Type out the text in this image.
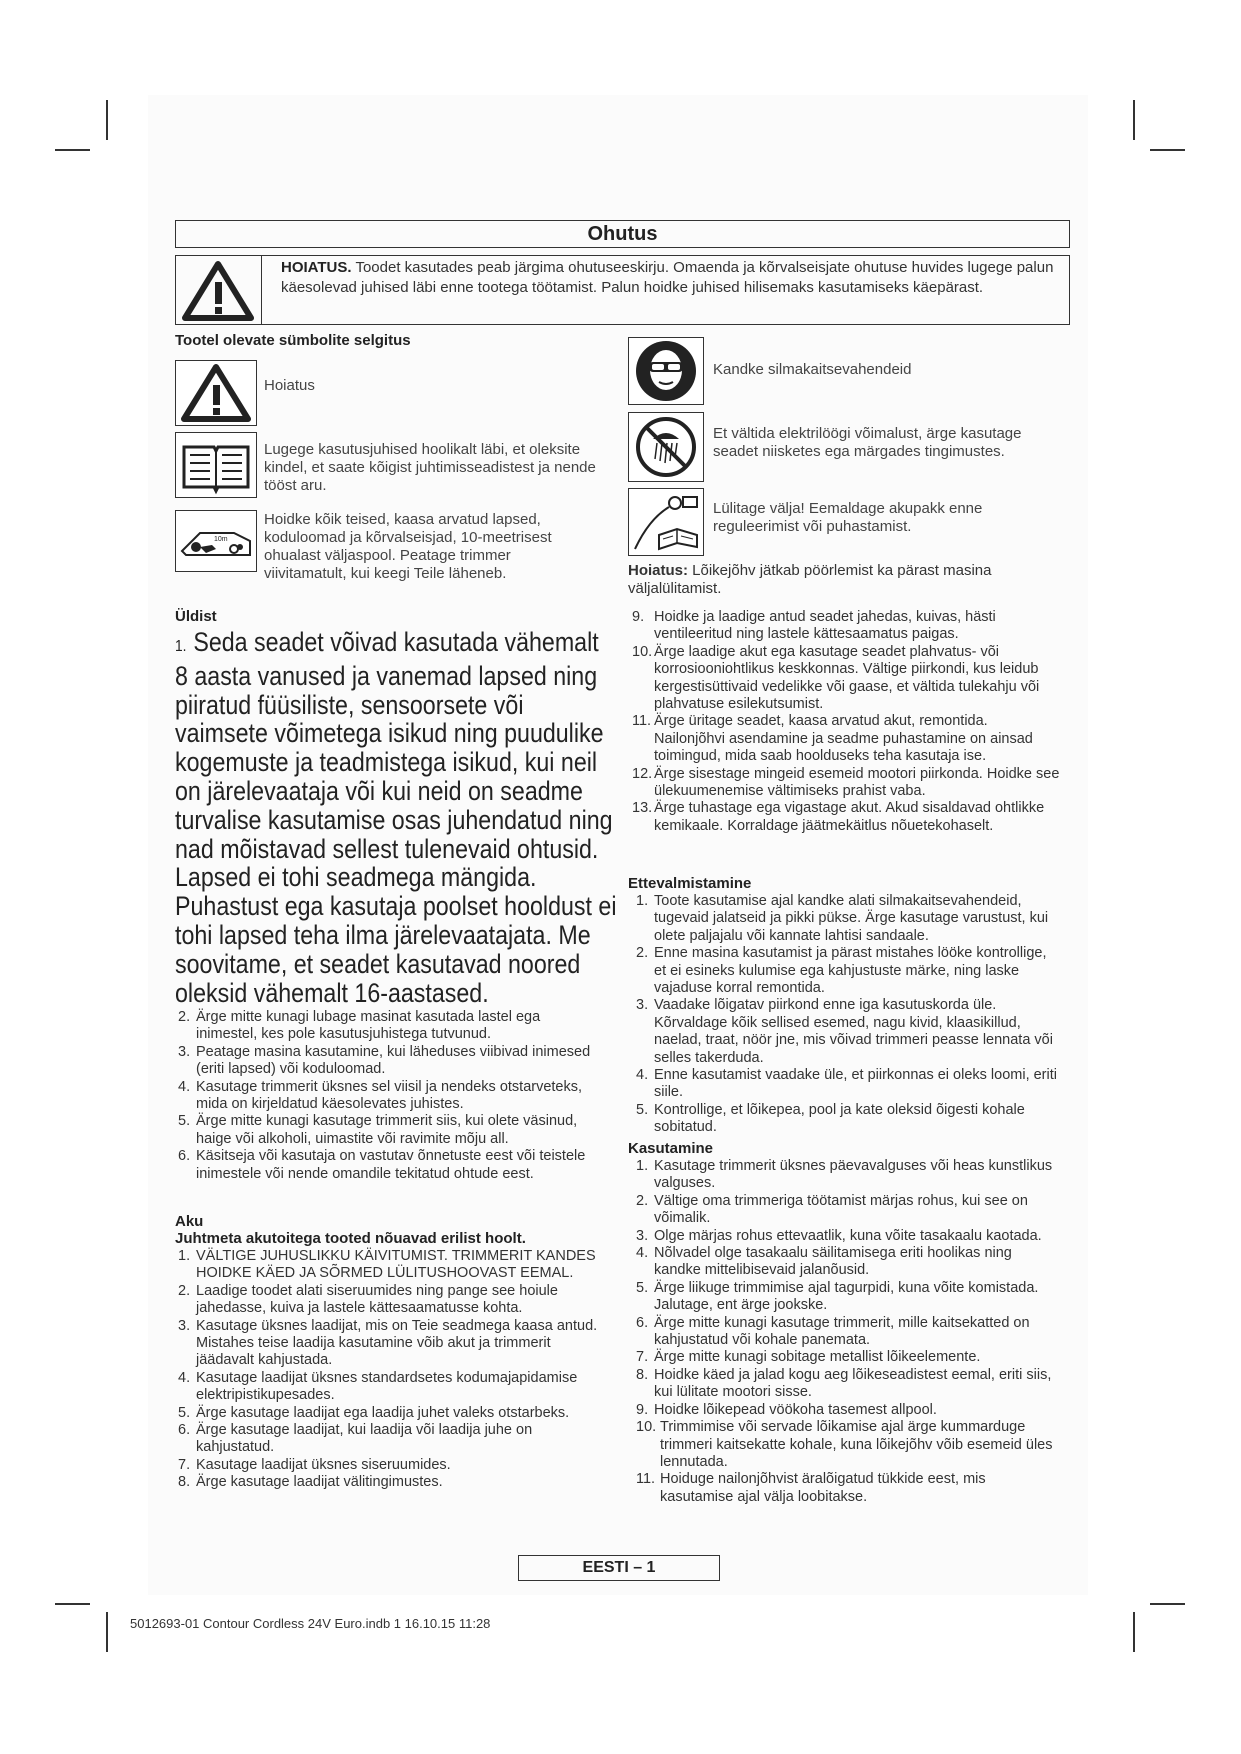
Ohutus
HOIATUS. Toodet kasutades peab järgima ohutuseeskirju. Omaenda ja kõrvalseisjate ohutuse huvides lugege palun käesolevad juhised läbi enne tootega töötamist. Palun hoidke juhised hilisemaks kasutamiseks käepärast.
Tootel olevate sümbolite selgitus
Hoiatus
Lugege kasutusjuhised hoolikalt läbi, et oleksite kindel, et saate kõigist juhtimisseadistest ja nende tööst aru.
10m
Hoidke kõik teised, kaasa arvatud lapsed, koduloomad ja kõrvalseisjad, 10-meetrisest ohualast väljaspool. Peatage trimmer viivitamatult, kui keegi Teile läheneb.
Kandke silmakaitsevahendeid
Et vältida elektrilöögi võimalust, ärge kasutage seadet niisketes ega märgades tingimustes.
Lülitage välja! Eemaldage akupakk enne reguleerimist või puhastamist.
Hoiatus: Lõikejõhv jätkab pöörlemist ka pärast masina väljalülitamist.
Üldist
1. Seda seadet võivad kasutada vähemalt 8 aasta vanused ja vanemad lapsed ning piiratud füüsiliste, sensoorsete või vaimsete võimetega isikud ning puudulike kogemuste ja teadmistega isikud, kui neil on järelevaataja või kui neid on seadme turvalise kasutamise osas juhendatud ning nad mõistavad sellest tulenevaid ohtusid. Lapsed ei tohi seadmega mängida. Puhastust ega kasutaja poolset hooldust ei tohi lapsed teha ilma järelevaatajata. Me soovitame, et seadet kasutavad noored oleksid vähemalt 16-aastased.
2. Ärge mitte kunagi lubage masinat kasutada lastel ega inimestel, kes pole kasutusjuhistega tutvunud.
3. Peatage masina kasutamine, kui läheduses viibivad inimesed (eriti lapsed) või koduloomad.
4. Kasutage trimmerit üksnes sel viisil ja nendeks otstarveteks, mida on kirjeldatud käesolevates juhistes.
5. Ärge mitte kunagi kasutage trimmerit siis, kui olete väsinud, haige või alkoholi, uimastite või ravimite mõju all.
6. Käsitseja või kasutaja on vastutav õnnetuste eest või teistele inimestele või nende omandile tekitatud ohtude eest.
Aku
Juhtmeta akutoitega tooted nõuavad erilist hoolt.
1. VÄLTIGE JUHUSLIKKU KÄIVITUMIST. TRIMMERIT KANDES HOIDKE KÄED JA SÕRMED LÜLITUSHOOVAST EEMAL.
2. Laadige toodet alati siseruumides ning pange see hoiule jahedasse, kuiva ja lastele kättesaamatusse kohta.
3. Kasutage üksnes laadijat, mis on Teie seadmega kaasa antud. Mistahes teise laadija kasutamine võib akut ja trimmerit jäädavalt kahjustada.
4. Kasutage laadijat üksnes standardsetes kodumajapidamise elektripistikupesades.
5. Ärge kasutage laadijat ega laadija juhet valeks otstarbeks.
6. Ärge kasutage laadijat, kui laadija või laadija juhe on kahjustatud.
7. Kasutage laadijat üksnes siseruumides.
8. Ärge kasutage laadijat välitingimustes.
9. Hoidke ja laadige antud seadet jahedas, kuivas, hästi ventileeritud ning lastele kättesaamatus paigas.
10. Ärge laadige akut ega kasutage seadet plahvatus- või korrosiooniohtlikus keskkonnas. Vältige piirkondi, kus leidub kergestisüttivaid vedelikke või gaase, et vältida tulekahju või plahvatuse esilekutsumist.
11. Ärge üritage seadet, kaasa arvatud akut, remontida. Nailonjõhvi asendamine ja seadme puhastamine on ainsad toimingud, mida saab hoolduseks teha kasutaja ise.
12. Ärge sisestage mingeid esemeid mootori piirkonda. Hoidke see ülekuumenemise vältimiseks prahist vaba.
13. Ärge tuhastage ega vigastage akut. Akud sisaldavad ohtlikke kemikaale. Korraldage jäätmekäitlus nõuetekohaselt.
Ettevalmistamine
1. Toote kasutamise ajal kandke alati silmakaitsevahendeid, tugevaid jalatseid ja pikki pükse. Ärge kasutage varustust, kui olete paljajalu või kannate lahtisi sandaale.
2. Enne masina kasutamist ja pärast mistahes lööke kontrollige, et ei esineks kulumise ega kahjustuste märke, ning laske vajaduse korral remontida.
3. Vaadake lõigatav piirkond enne iga kasutuskorda üle. Kõrvaldage kõik sellised esemed, nagu kivid, klaasikillud, naelad, traat, nöör jne, mis võivad trimmeri peasse lennata või selles takerduda.
4. Enne kasutamist vaadake üle, et piirkonnas ei oleks loomi, eriti siile.
5. Kontrollige, et lõikepea, pool ja kate oleksid õigesti kohale sobitatud.
Kasutamine
1. Kasutage trimmerit üksnes päevavalguses või heas kunstlikus valguses.
2. Vältige oma trimmeriga töötamist märjas rohus, kui see on võimalik.
3. Olge märjas rohus ettevaatlik, kuna võite tasakaalu kaotada.
4. Nõlvadel olge tasakaalu säilitamisega eriti hoolikas ning kandke mittelibisevaid jalanõusid.
5. Ärge liikuge trimmimise ajal tagurpidi, kuna võite komistada. Jalutage, ent ärge jookske.
6. Ärge mitte kunagi kasutage trimmerit, mille kaitsekatted on kahjustatud või kohale panemata.
7. Ärge mitte kunagi sobitage metallist lõikeelemente.
8. Hoidke käed ja jalad kogu aeg lõikeseadistest eemal, eriti siis, kui lülitate mootori sisse.
9. Hoidke lõikepead vöökoha tasemest allpool.
10. Trimmimise või servade lõikamise ajal ärge kummarduge trimmeri kaitsekatte kohale, kuna lõikejõhv võib esemeid üles lennutada.
11. Hoiduge nailonjõhvist äralõigatud tükkide eest, mis kasutamise ajal välja loobitakse.
EESTI – 1
5012693-01 Contour Cordless 24V Euro.indb 1 16.10.15 11:28
